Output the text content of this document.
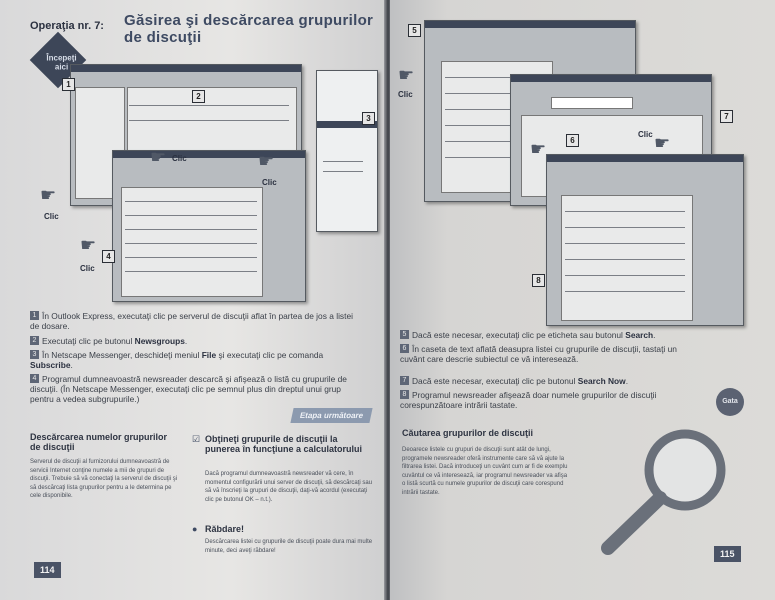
Operaţia nr. 7: Găsirea şi descărcarea grupurilor
de discuţii
Începeţi aici
1
2
3
4
☛
Clic
☛ Clic	☛
Clic
☛
Clic
1 În Outlook Express, executaţi clic pe serverul de discuţii aflat în partea de jos a listei de dosare.
2 Executaţi clic pe butonul Newsgroups.
3 În Netscape Messenger, deschideţi meniul File şi executaţi clic pe comanda Subscribe.
4 Programul dumneavoastră newsreader descarcă şi afişează o listă cu grupurile de discuţii. (În Netscape Messenger, executaţi clic pe semnul plus din dreptul unui grup pentru a vedea subgrupurile.)
Etapa următoare
Descărcarea numelor grupurilor de discuţii
Serverul de discuţii al furnizorului dumneavoastră de servicii Internet conţine numele a mii de grupuri de discuţii. Trebuie să vă conectaţi la serverul de discuţii şi să descărcaţi lista grupurilor pentru a le determina pe cele disponibile.
☑ Obţineţi grupurile de discuţii la punerea în funcţiune a calculatorului
Dacă programul dumneavoastră newsreader vă cere, în momentul configurării unui server de discuţii, să descărcaţi sau să vă înscrieţi la grupuri de discuţii, daţi-vă acordul (executaţi clic pe butonul OK – n.t.).
● Răbdare!
Descărcarea listei cu grupurile de discuţii poate dura mai multe minute, deci aveţi răbdare!
114
5
6
7
8
☛
Clic
☛	☛
Clic
5 Dacă este necesar, executaţi clic pe eticheta sau butonul Search.
6 În caseta de text aflată deasupra listei cu grupurile de discuţii, tastaţi un cuvânt care descrie subiectul ce vă interesează.
7 Dacă este necesar, executaţi clic pe butonul Search Now.
8 Programul newsreader afişează doar numele grupurilor de discuţii corespunzătoare intrării tastate.	Gata
Căutarea grupurilor de discuţii
Deoarece listele cu grupuri de discuţii sunt atât de lungi, programele newsreader oferă instrumente care să vă ajute la filtrarea listei. Dacă introduceţi un cuvânt cum ar fi de exemplu cuvântul ce vă interesează, iar programul newsreader va afişa o listă scurtă cu numele grupurilor de discuţii care corespund intrării tastate.
115
